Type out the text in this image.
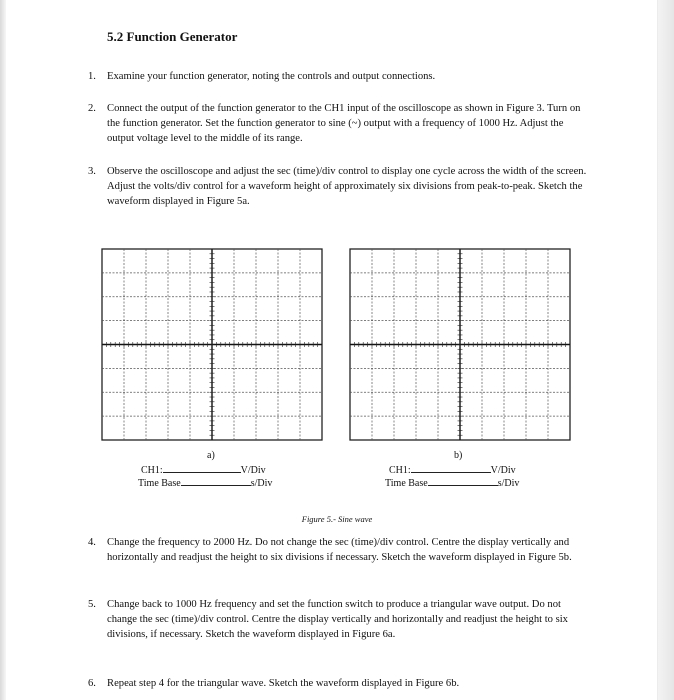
5.2 Function Generator
1. Examine your function generator, noting the controls and output connections.
2. Connect the output of the function generator to the CH1 input of the oscilloscope as shown in Figure 3. Turn on the function generator. Set the function generator to sine (~) output with a frequency of 1000 Hz. Adjust the output voltage level to the middle of its range.
3. Observe the oscilloscope and adjust the sec (time)/div control to display one cycle across the width of the screen. Adjust the volts/div control for a waveform height of approximately six divisions from peak-to-peak. Sketch the waveform displayed in Figure 5a.
a)	b)
CH1:	V/Div
Time Base	s/Div
CH1:	V/Div
Time Base	s/Div
Figure 5.- Sine wave
4. Change the frequency to 2000 Hz. Do not change the sec (time)/div control. Centre the display vertically and horizontally and readjust the height to six divisions if necessary. Sketch the waveform displayed in Figure 5b.
5. Change back to 1000 Hz frequency and set the function switch to produce a triangular wave output. Do not change the sec (time)/div control. Centre the display vertically and horizontally and readjust the height to six divisions, if necessary. Sketch the waveform displayed in Figure 6a.
6. Repeat step 4 for the triangular wave. Sketch the waveform displayed in Figure 6b.
